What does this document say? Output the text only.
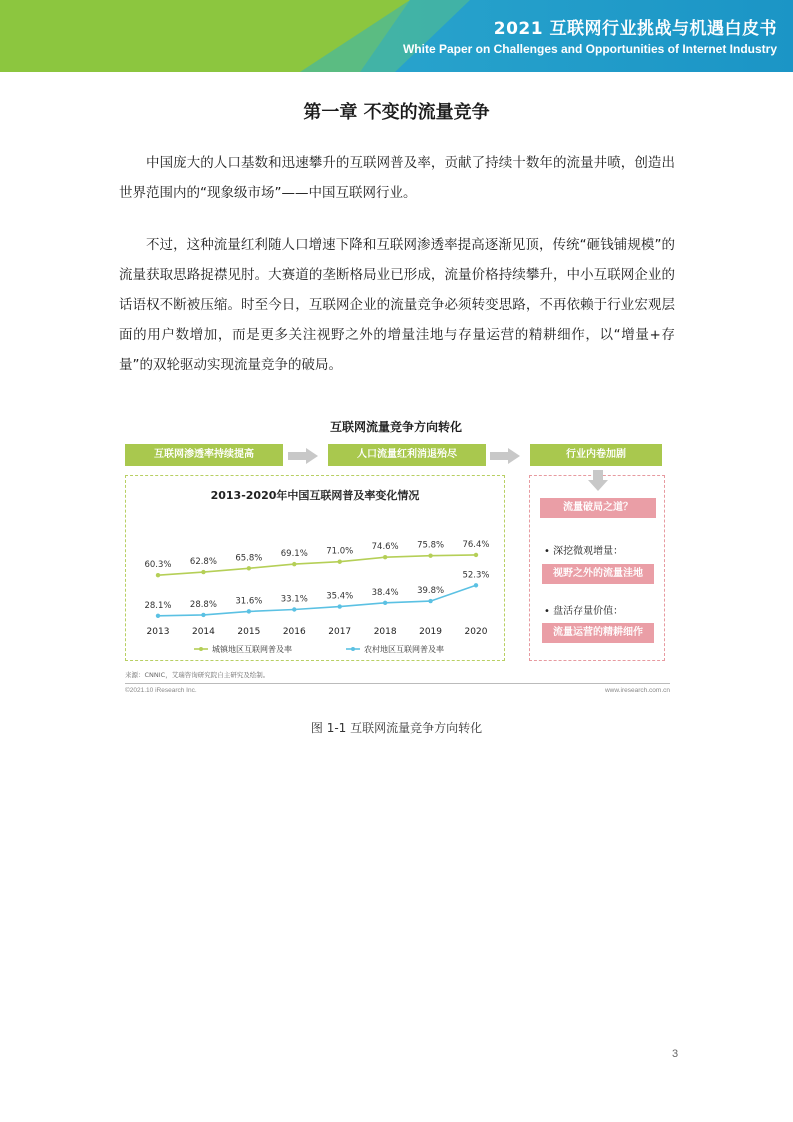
2021 互联网行业挑战与机遇白皮书
White Paper on Challenges and Opportunities of Internet Industry
第一章 不变的流量竞争
中国庞大的人口基数和迅速攀升的互联网普及率，贡献了持续十数年的流量井喷，创造出世界范围内的“现象级市场”——中国互联网行业。
不过，这种流量红利随人口增速下降和互联网渗透率提高逐渐见顶，传统“砸钱铺规模”的流量获取思路捉襟见肘。大赛道的垄断格局业已形成，流量价格持续攀升，中小互联网企业的话语权不断被压缩。时至今日，互联网企业的流量竞争必须转变思路，不再依赖于行业宏观层面的用户数增加，而是更多关注视野之外的增量洼地与存量运营的精耕细作，以“增量+存量”的双轮驱动实现流量竞争的破局。
互联网流量竞争方向转化
互联网渗透率持续提高	人口流量红利消退殆尽	行业内卷加剧
2013-2020年中国互联网普及率变化情况
60.3% 62.8% 65.8% 69.1% 71.0% 74.6% 75.8% 76.4%
28.1% 28.8% 31.6% 33.1% 35.4% 38.4% 39.8%
52.3%
2013	2014	2015	2016	2017	2018	2019	2020
城镇地区互联网普及率	农村地区互联网普及率
流量破局之道？
• 深挖微观增量：
视野之外的流量洼地
• 盘活存量价值：
流量运营的精耕细作
来源：CNNIC，艾瑞咨询研究院自主研究及绘制。
©2021.10 iResearch Inc.	www.iresearch.com.cn
图 1-1 互联网流量竞争方向转化
3
